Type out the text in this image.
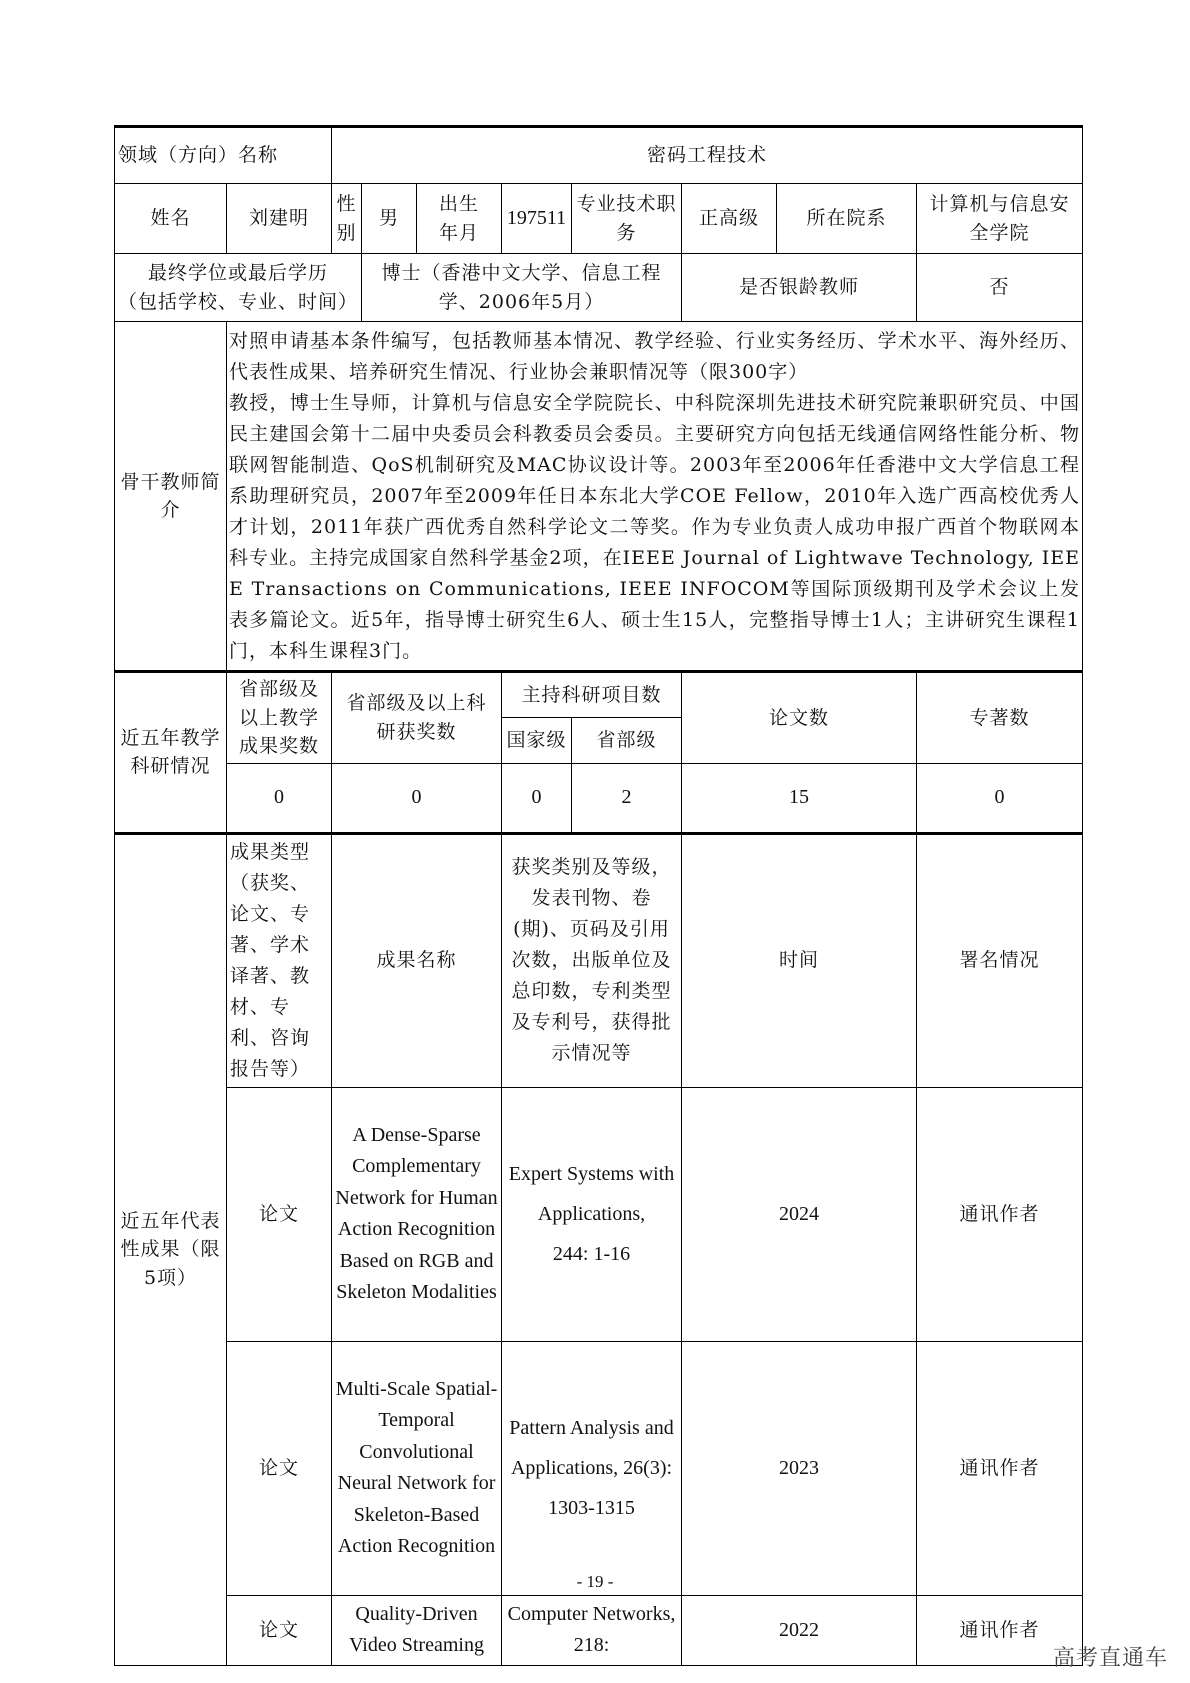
领域（方向）名称		密码工程技术							
姓名	刘建明	性别	男	出生年月	197511	专业技术职　务	正高级	所在院系	计算机与信息安全学院

最终学位或最后学历
（包括学校、专业、时间）			博士（香港中文大学、信息工程学、2006年5月）				是否银龄教师		否
骨干教师简介	对照申请基本条件编写，包括教师基本情况、教学经验、行业实务经历、学术水平、海外经历、代表性成果、培养研究生情况、行业协会兼职情况等（限300字）
教授，博士生导师，计算机与信息安全学院院长、中科院深圳先进技术研究院兼职研究员、中国民主建国会第十二届中央委员会科教委员会委员。主要研究方向包括无线通信网络性能分析、物联网智能制造、QoS机制研究及MAC协议设计等。2003年至2006年任香港中文大学信息工程系助理研究员，2007年至2009年任日本东北大学COE Fellow，2010年入选广西高校优秀人才计划，2011年获广西优秀自然科学论文二等奖。作为专业负责人成功申报广西首个物联网本科专业。主持完成国家自然科学基金2项，在IEEE Journal of Lightwave Technology, IEEE Transactions on Communications, IEEE INFOCOM等国际顶级期刊及学术会议上发表多篇论文。近5年，指导博士研究生6人、硕士生15人，完整指导博士1人；主讲研究生课程1门，本科生课程3门。								

近五年教学科研情况	省部级及以上教学成果奖数	省部级及以上科研获奖数			主持科研项目数		论文数		专著数
					国家级	省部级			
	0	0			0	2	15		0
近五年代表性成果（限5项）	成果类型（获奖、论文、专著、学术译著、教材、专利、咨询报告等）	成果名称			获奖类别及等级，发表刊物、卷(期)、页码及引用次数，出版单位及总印数，专利类型及专利号，获得批示情况等		时间		署名情况
	论文	A Dense-Sparse Complementary Network for Human Action Recognition Based on RGB and Skeleton Modalities			Expert Systems with
Applications,
244: 1-16		2024		通讯作者
	论文	Multi-Scale Spatial-Temporal Convolutional Neural Network for Skeleton-Based Action Recognition			Pattern Analysis and
Applications, 26(3):
1303-1315		2023		通讯作者
	论文	Quality-Driven Video Streaming			Computer Networks, 218:		2022		通讯作者
- 19 -
高考直通车
